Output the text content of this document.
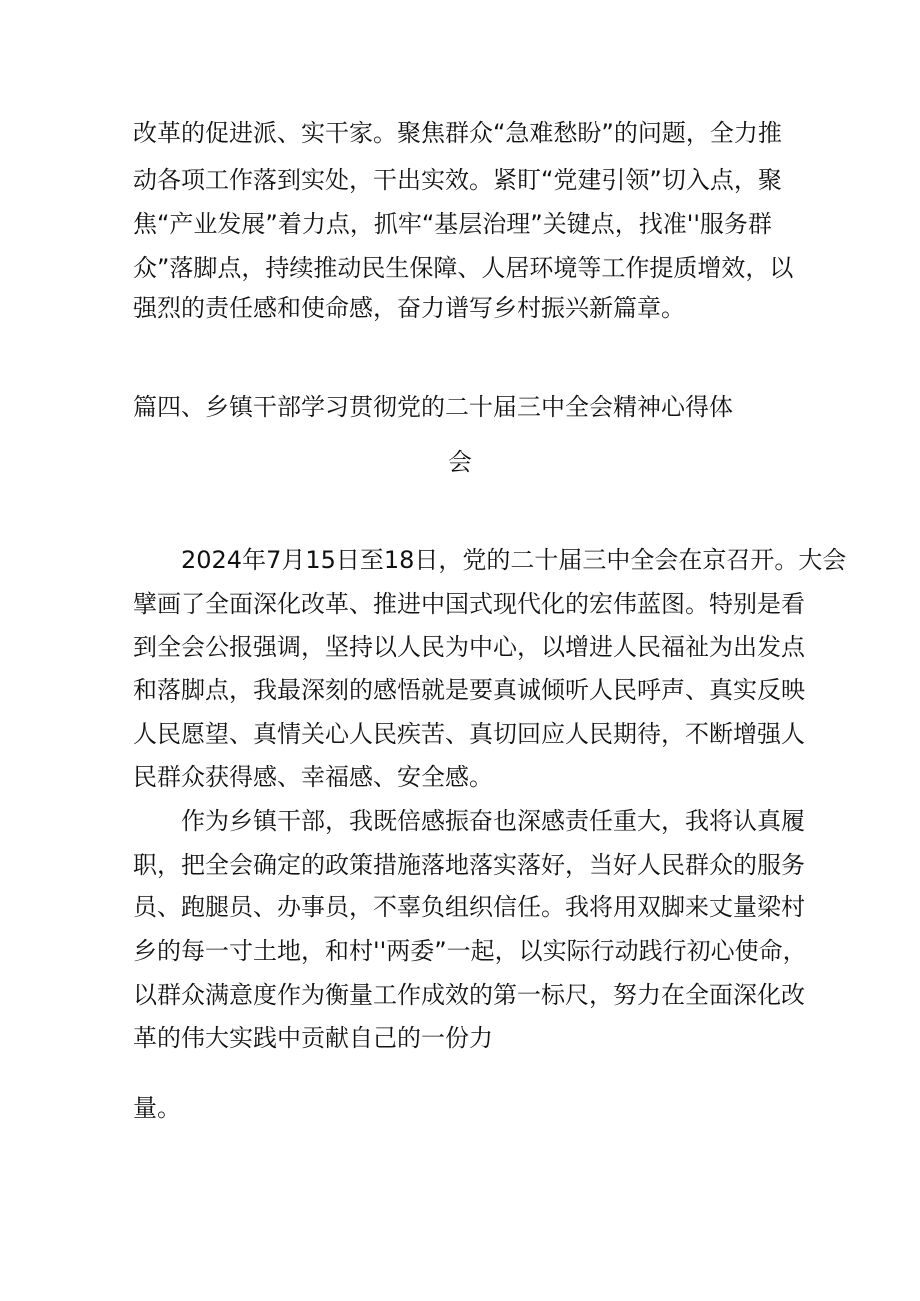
改革的促进派、实干家。聚焦群众“急难愁盼”的问题，全力推
动各项工作落到实处，干出实效。紧盯“党建引领”切入点，聚
焦“产业发展”着力点，抓牢“基层治理”关键点，找准''服务群
众”落脚点，持续推动民生保障、人居环境等工作提质增效，以
强烈的责任感和使命感，奋力谱写乡村振兴新篇章。
篇四、乡镇干部学习贯彻党的二十届三中全会精神心得体
会
2024年7月15日至18日，党的二十届三中全会在京召开。大会
擘画了全面深化改革、推进中国式现代化的宏伟蓝图。特别是看
到全会公报强调，坚持以人民为中心，以增进人民福祉为出发点
和落脚点，我最深刻的感悟就是要真诚倾听人民呼声、真实反映
人民愿望、真情关心人民疾苦、真切回应人民期待，不断增强人
民群众获得感、幸福感、安全感。
作为乡镇干部，我既倍感振奋也深感责任重大，我将认真履
职，把全会确定的政策措施落地落实落好，当好人民群众的服务
员、跑腿员、办事员，不辜负组织信任。我将用双脚来丈量梁村
乡的每一寸土地，和村''两委”一起，以实际行动践行初心使命，
以群众满意度作为衡量工作成效的第一标尺，努力在全面深化改
革的伟大实践中贡献自己的一份力
量。
